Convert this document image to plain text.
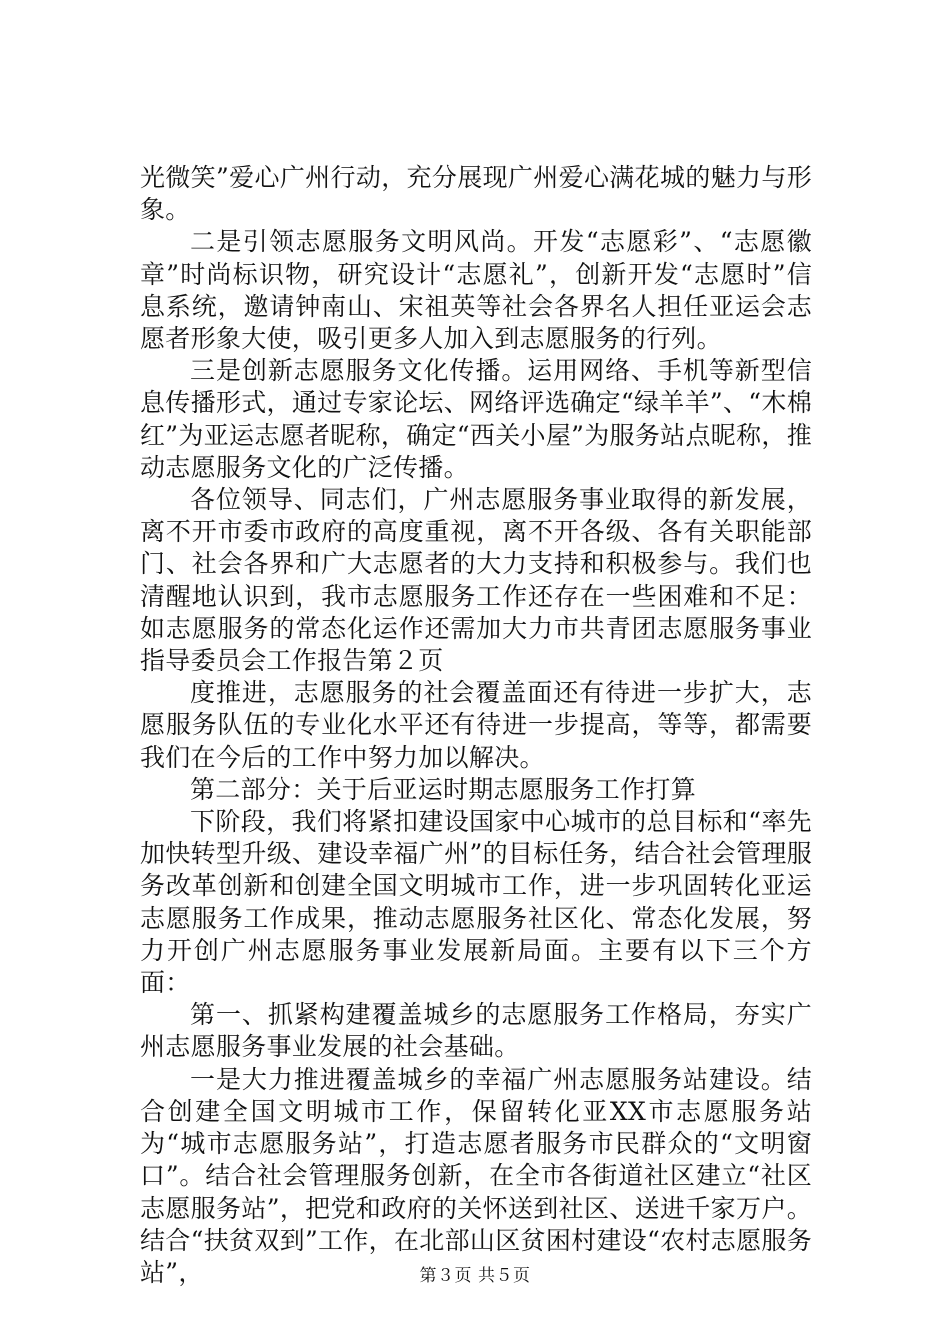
光微笑”爱心广州行动，充分展现广州爱心满花城的魅力与形象。

二是引领志愿服务文明风尚。开发“志愿彩”、“志愿徽章”时尚标识物，研究设计“志愿礼”，创新开发“志愿时”信息系统，邀请钟南山、宋祖英等社会各界名人担任亚运会志愿者形象大使，吸引更多人加入到志愿服务的行列。

三是创新志愿服务文化传播。运用网络、手机等新型信息传播形式，通过专家论坛、网络评选确定“绿羊羊”、“木棉红”为亚运志愿者昵称，确定“西关小屋”为服务站点昵称，推动志愿服务文化的广泛传播。

各位领导、同志们，广州志愿服务事业取得的新发展，离不开市委市政府的高度重视，离不开各级、各有关职能部门、社会各界和广大志愿者的大力支持和积极参与。我们也清醒地认识到，我市志愿服务工作还存在一些困难和不足：如志愿服务的常态化运作还需加大力市共青团志愿服务事业指导委员会工作报告第２页

度推进，志愿服务的社会覆盖面还有待进一步扩大，志愿服务队伍的专业化水平还有待进一步提高，等等，都需要我们在今后的工作中努力加以解决。

第二部分：关于后亚运时期志愿服务工作打算

下阶段，我们将紧扣建设国家中心城市的总目标和“率先加快转型升级、建设幸福广州”的目标任务，结合社会管理服务改革创新和创建全国文明城市工作，进一步巩固转化亚运志愿服务工作成果，推动志愿服务社区化、常态化发展，努力开创广州志愿服务事业发展新局面。主要有以下三个方面：

第一、抓紧构建覆盖城乡的志愿服务工作格局，夯实广州志愿服务事业发展的社会基础。

一是大力推进覆盖城乡的幸福广州志愿服务站建设。结合创建全国文明城市工作，保留转化亚XX市志愿服务站为“城市志愿服务站”，打造志愿者服务市民群众的“文明窗口”。结合社会管理服务创新，在全市各街道社区建立“社区志愿服务站”，把党和政府的关怀送到社区、送进千家万户。结合“扶贫双到”工作，在北部山区贫困村建设“农村志愿服务站”，	第３页 共５页
